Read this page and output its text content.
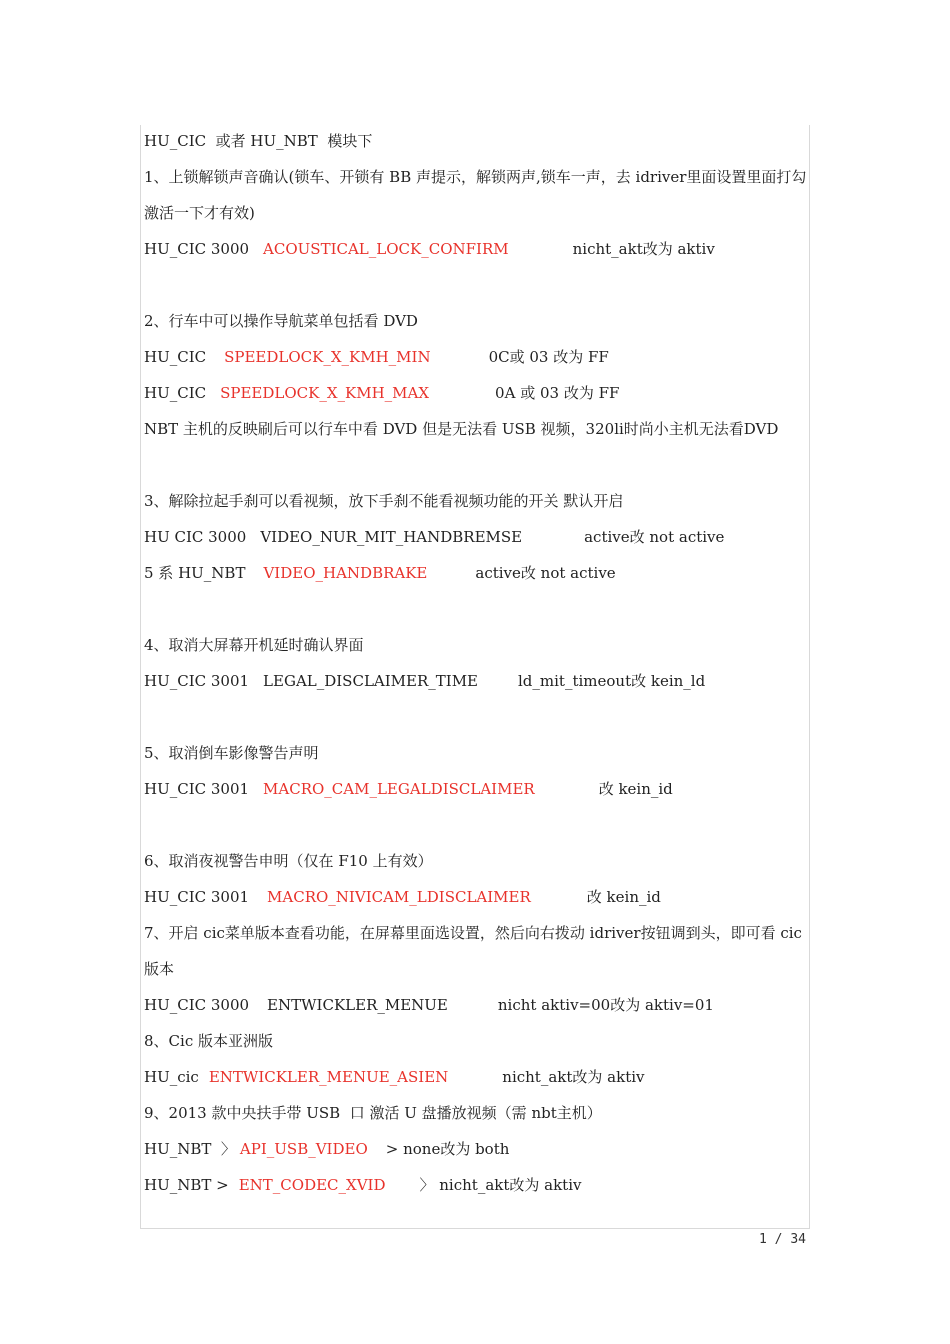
HU_CIC  或者 HU_NBT  模块下
1、上锁解锁声音确认(锁车、开锁有 BB 声提示，解锁两声,锁车一声，去 idriver里面设置里面打勾激活一下才有效)
HU_CIC 3000 ACOUSTICAL_LOCK_CONFIRM	nicht_akt改为 aktiv
2、行车中可以操作导航菜单包括看 DVD
HU_CIC SPEEDLOCK_X_KMH_MIN	0C或 03 改为 FF
HU_CIC SPEEDLOCK_X_KMH_MAX	0A 或 03 改为 FF
NBT 主机的反映刷后可以行车中看 DVD 但是无法看 USB 视频，320li时尚小主机无法看DVD
3、解除拉起手刹可以看视频，放下手刹不能看视频功能的开关 默认开启
HU CIC 3000 VIDEO_NUR_MIT_HANDBREMSE	active改 not active
5 系 HU_NBT VIDEO_HANDBRAKE	active改 not active
4、取消大屏幕开机延时确认界面
HU_CIC 3001 LEGAL_DISCLAIMER_TIME	ld_mit_timeout改 kein_ld
5、取消倒车影像警告声明
HU_CIC 3001 MACRO_CAM_LEGALDISCLAIMER	改 kein_id
6、取消夜视警告申明（仅在 F10 上有效）
HU_CIC 3001 MACRO_NIVICAM_LDISCLAIMER	改 kein_id
7、开启 cic菜单版本查看功能，在屏幕里面选设置，然后向右拨动 idriver按钮调到头，即可看 cic版本
HU_CIC 3000 ENTWICKLER_MENUE	nicht aktiv=00改为 aktiv=01
8、Cic 版本亚洲版
HU_cic ENTWICKLER_MENUE_ASIEN	nicht_akt改为 aktiv
9、2013 款中央扶手带 USB  口 激活 U 盘播放视频（需 nbt主机）
HU_NBT  〉 API_USB_VIDEO > none改为 both
HU_NBT > ENT_CODEC_XVID 〉 nicht_akt改为 aktiv
1 / 34
